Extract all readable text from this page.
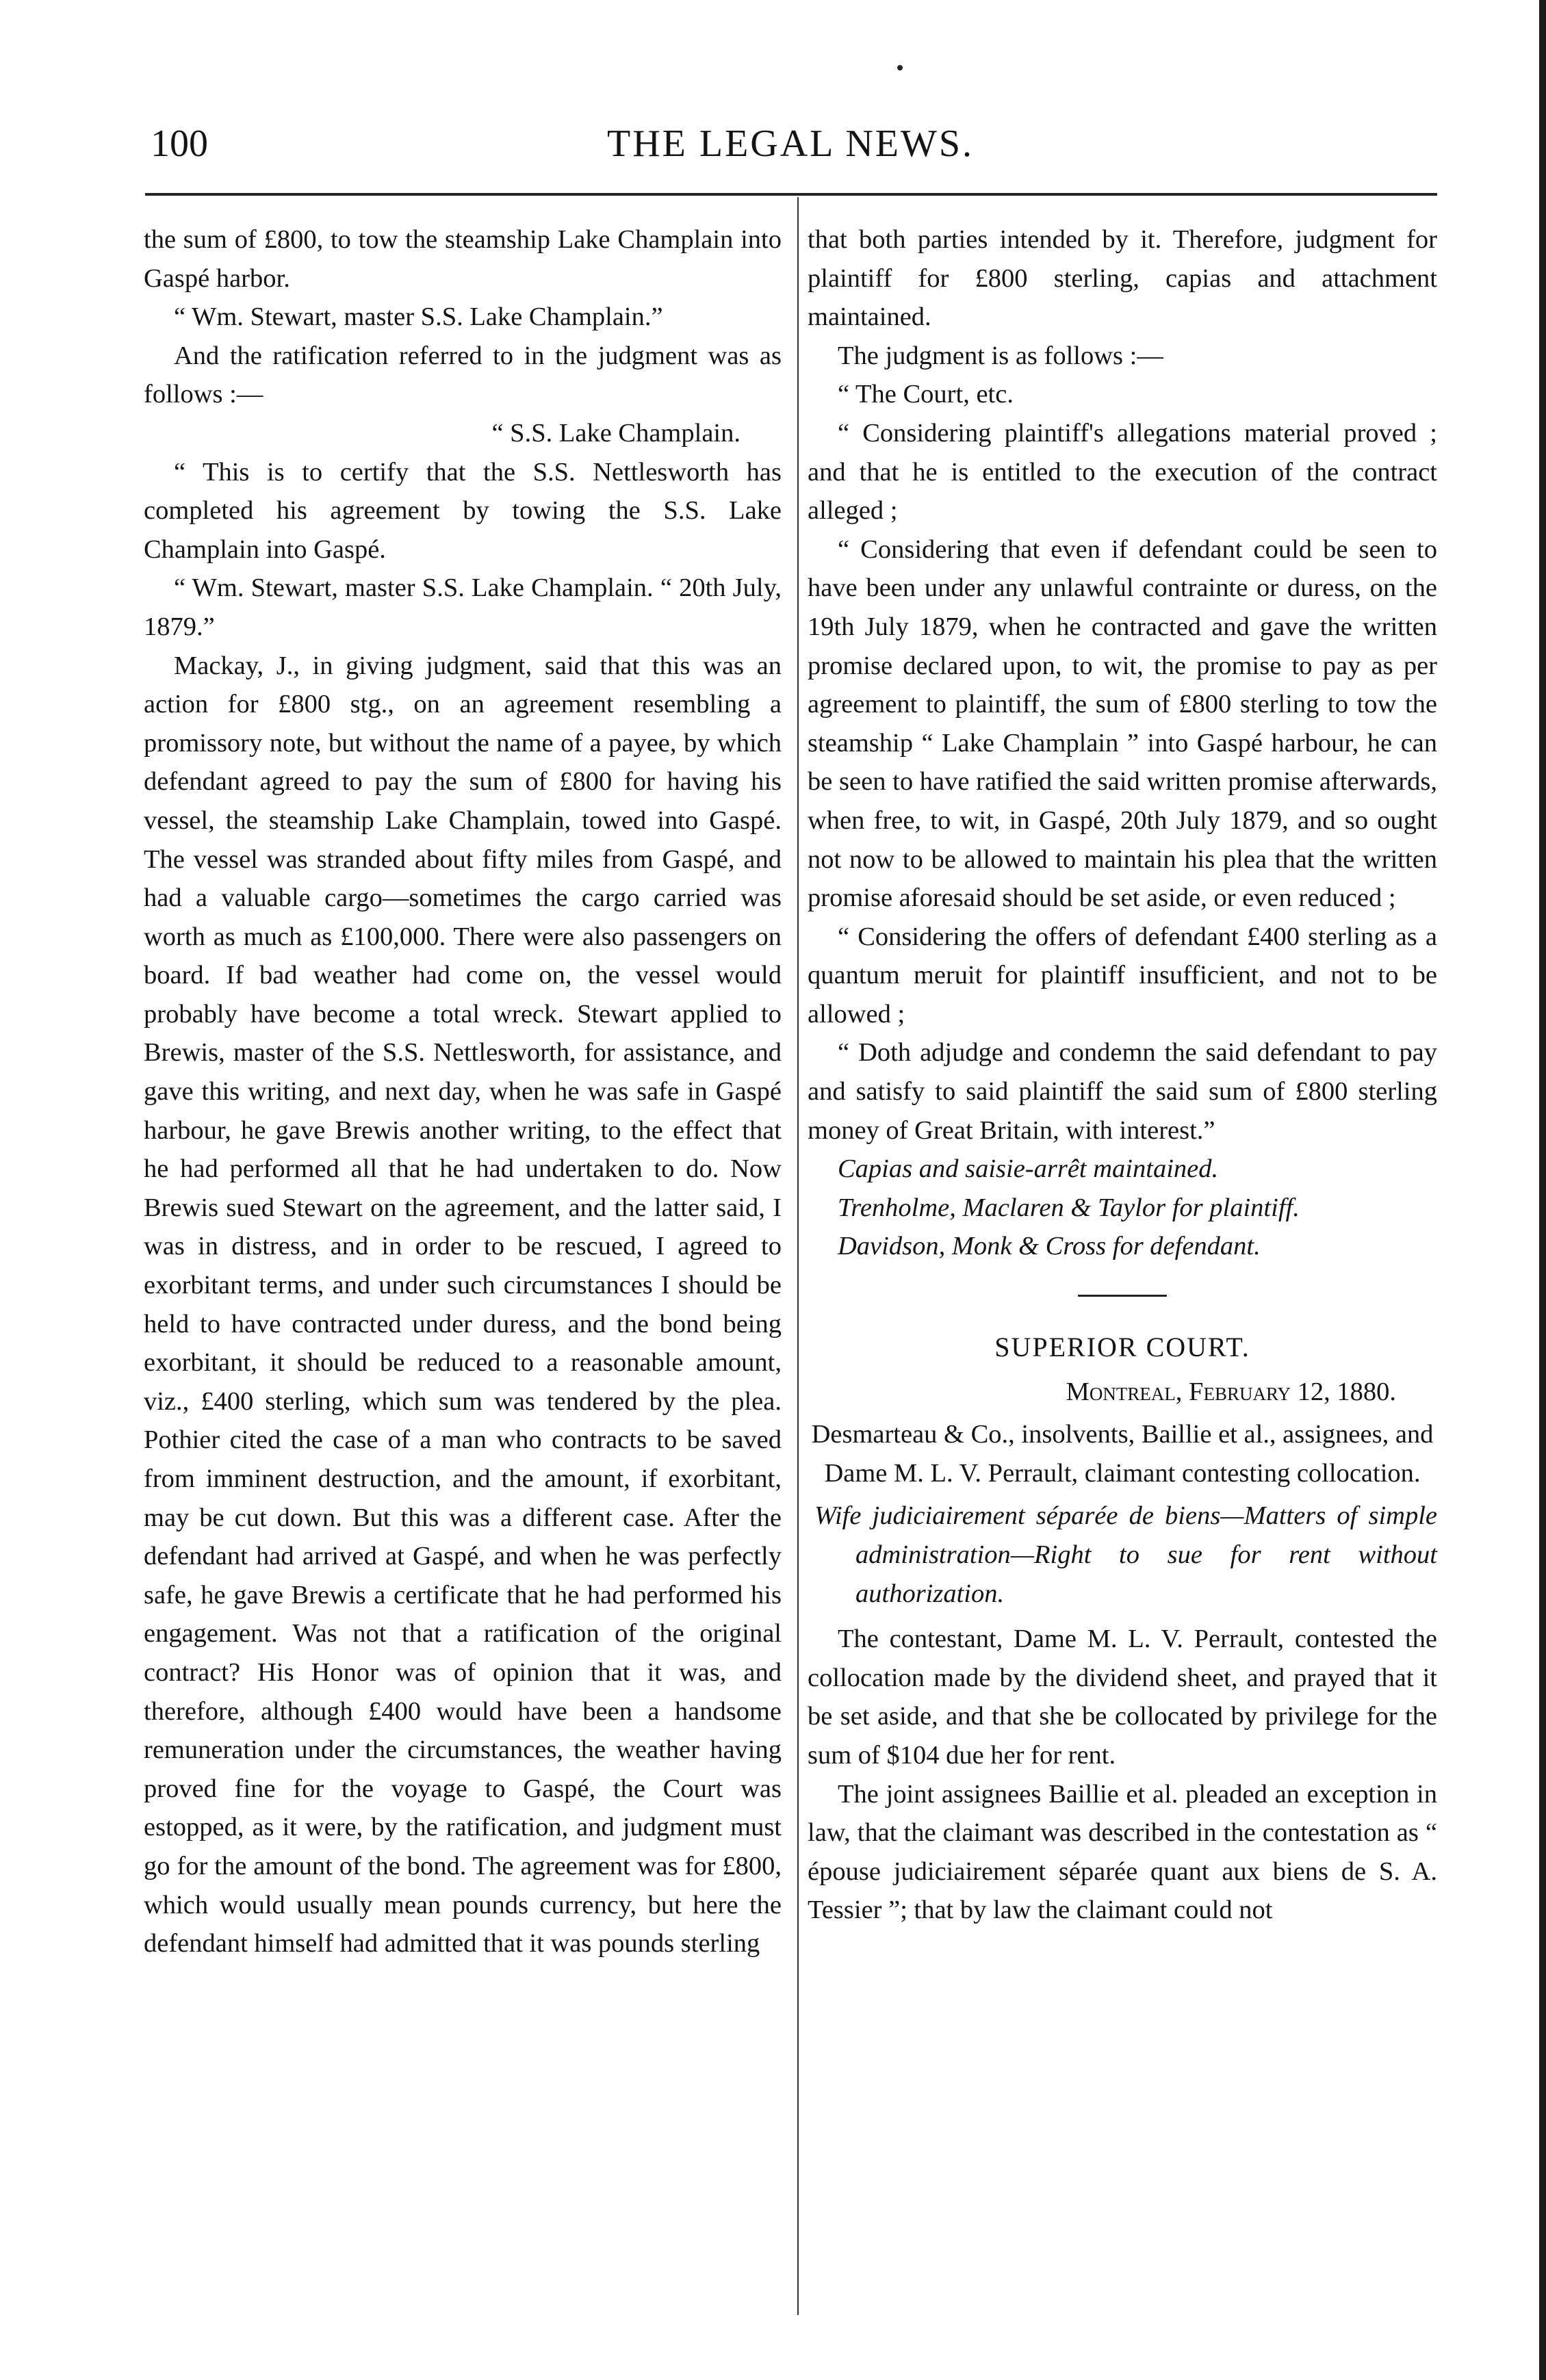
100	THE LEGAL NEWS.

the sum of £800, to tow the steamship Lake Champlain into Gaspé harbor.

“ Wm. Stewart, master S.S. Lake Champlain.”

And the ratification referred to in the judgment was as follows :—

“ S.S. Lake Champlain.

“ This is to certify that the S.S. Nettlesworth has completed his agreement by towing the S.S. Lake Champlain into Gaspé.

“ Wm. Stewart, master S.S. Lake Champlain. “ 20th July, 1879.”

Mackay, J., in giving judgment, said that this was an action for £800 stg., on an agreement resembling a promissory note, but without the name of a payee, by which defendant agreed to pay the sum of £800 for having his vessel, the steamship Lake Champlain, towed into Gaspé. The vessel was stranded about fifty miles from Gaspé, and had a valuable cargo—sometimes the cargo carried was worth as much as £100,000. There were also passengers on board. If bad weather had come on, the vessel would probably have become a total wreck. Stewart applied to Brewis, master of the S.S. Nettlesworth, for assistance, and gave this writing, and next day, when he was safe in Gaspé harbour, he gave Brewis another writing, to the effect that he had performed all that he had undertaken to do. Now Brewis sued Stewart on the agreement, and the latter said, I was in distress, and in order to be rescued, I agreed to exorbitant terms, and under such circumstances I should be held to have contracted under duress, and the bond being exorbitant, it should be reduced to a reasonable amount, viz., £400 sterling, which sum was tendered by the plea. Pothier cited the case of a man who contracts to be saved from imminent destruction, and the amount, if exorbitant, may be cut down. But this was a different case. After the defendant had arrived at Gaspé, and when he was perfectly safe, he gave Brewis a certificate that he had performed his engagement. Was not that a ratification of the original contract? His Honor was of opinion that it was, and therefore, although £400 would have been a handsome remuneration under the circumstances, the weather having proved fine for the voyage to Gaspé, the Court was estopped, as it were, by the ratification, and judgment must go for the amount of the bond. The agreement was for £800, which would usually mean pounds currency, but here the defendant himself had admitted that it was pounds sterling

that both parties intended by it. Therefore, judgment for plaintiff for £800 sterling, capias and attachment maintained.

The judgment is as follows :—

“ The Court, etc.

“ Considering plaintiff's allegations material proved ; and that he is entitled to the execution of the contract alleged ;

“ Considering that even if defendant could be seen to have been under any unlawful contrainte or duress, on the 19th July 1879, when he contracted and gave the written promise declared upon, to wit, the promise to pay as per agreement to plaintiff, the sum of £800 sterling to tow the steamship “ Lake Champlain ” into Gaspé harbour, he can be seen to have ratified the said written promise afterwards, when free, to wit, in Gaspé, 20th July 1879, and so ought not now to be allowed to maintain his plea that the written promise aforesaid should be set aside, or even reduced ;

“ Considering the offers of defendant £400 sterling as a quantum meruit for plaintiff insufficient, and not to be allowed ;

“ Doth adjudge and condemn the said defendant to pay and satisfy to said plaintiff the said sum of £800 sterling money of Great Britain, with interest.”

Capias and saisie-arrêt maintained.

Trenholme, Maclaren & Taylor for plaintiff.

Davidson, Monk & Cross for defendant.

SUPERIOR COURT.

Montreal, February 12, 1880.

Desmarteau & Co., insolvents, Baillie et al., assignees, and Dame M. L. V. Perrault, claimant contesting collocation.

Wife judiciairement séparée de biens—Matters of simple administration—Right to sue for rent without authorization.

The contestant, Dame M. L. V. Perrault, contested the collocation made by the dividend sheet, and prayed that it be set aside, and that she be collocated by privilege for the sum of $104 due her for rent.

The joint assignees Baillie et al. pleaded an exception in law, that the claimant was described in the contestation as “ épouse judiciairement séparée quant aux biens de S. A. Tessier ”; that by law the claimant could not
